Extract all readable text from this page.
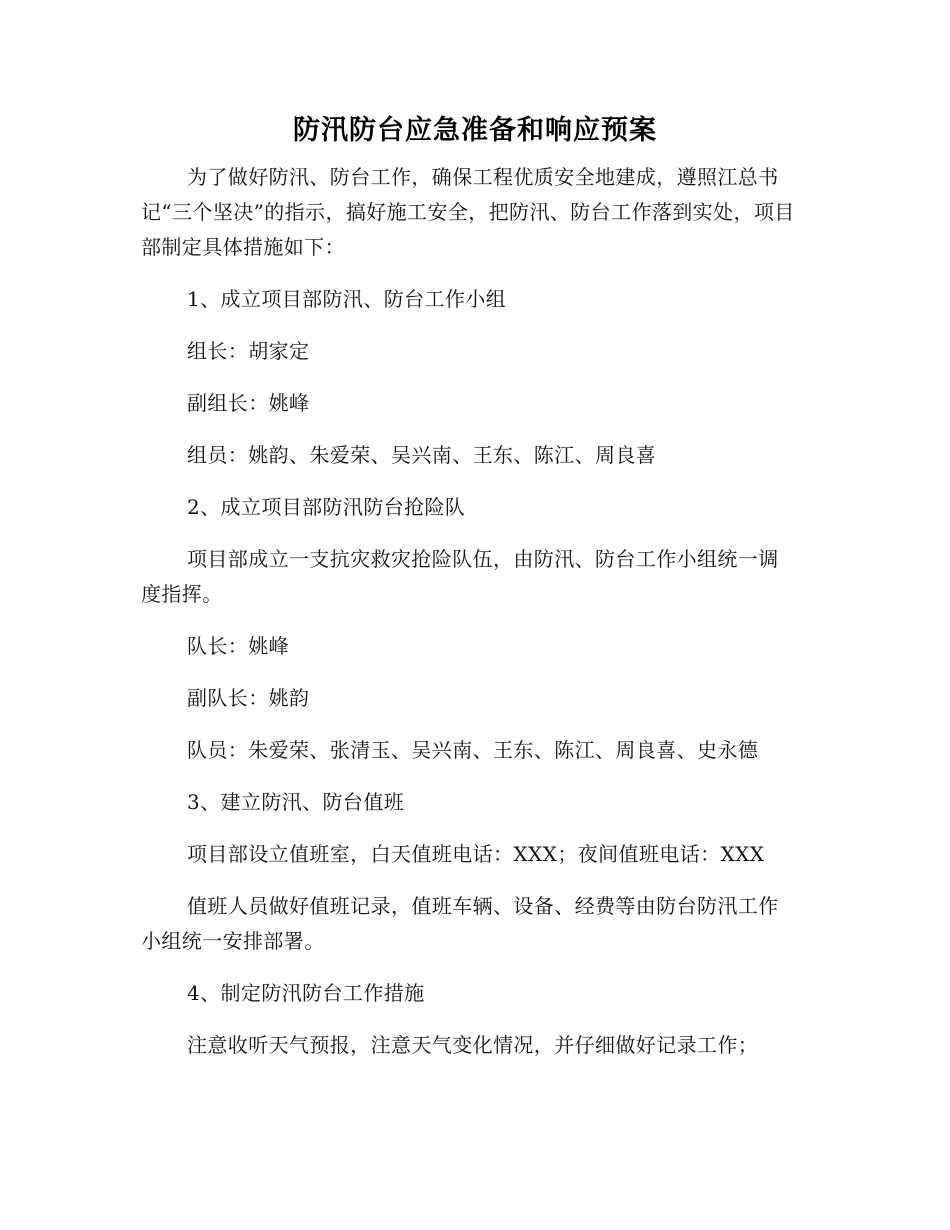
防汛防台应急准备和响应预案

为了做好防汛、防台工作，确保工程优质安全地建成，遵照江总书记“三个坚决”的指示，搞好施工安全，把防汛、防台工作落到实处，项目部制定具体措施如下：

1、成立项目部防汛、防台工作小组

组长：胡家定

副组长：姚峰

组员：姚韵、朱爱荣、吴兴南、王东、陈江、周良喜

2、成立项目部防汛防台抢险队

项目部成立一支抗灾救灾抢险队伍，由防汛、防台工作小组统一调度指挥。

队长：姚峰

副队长：姚韵

队员：朱爱荣、张清玉、吴兴南、王东、陈江、周良喜、史永德

3、建立防汛、防台值班

项目部设立值班室，白天值班电话：XXX；夜间值班电话：XXX

值班人员做好值班记录，值班车辆、设备、经费等由防台防汛工作小组统一安排部署。

4、制定防汛防台工作措施

注意收听天气预报，注意天气变化情况，并仔细做好记录工作；
